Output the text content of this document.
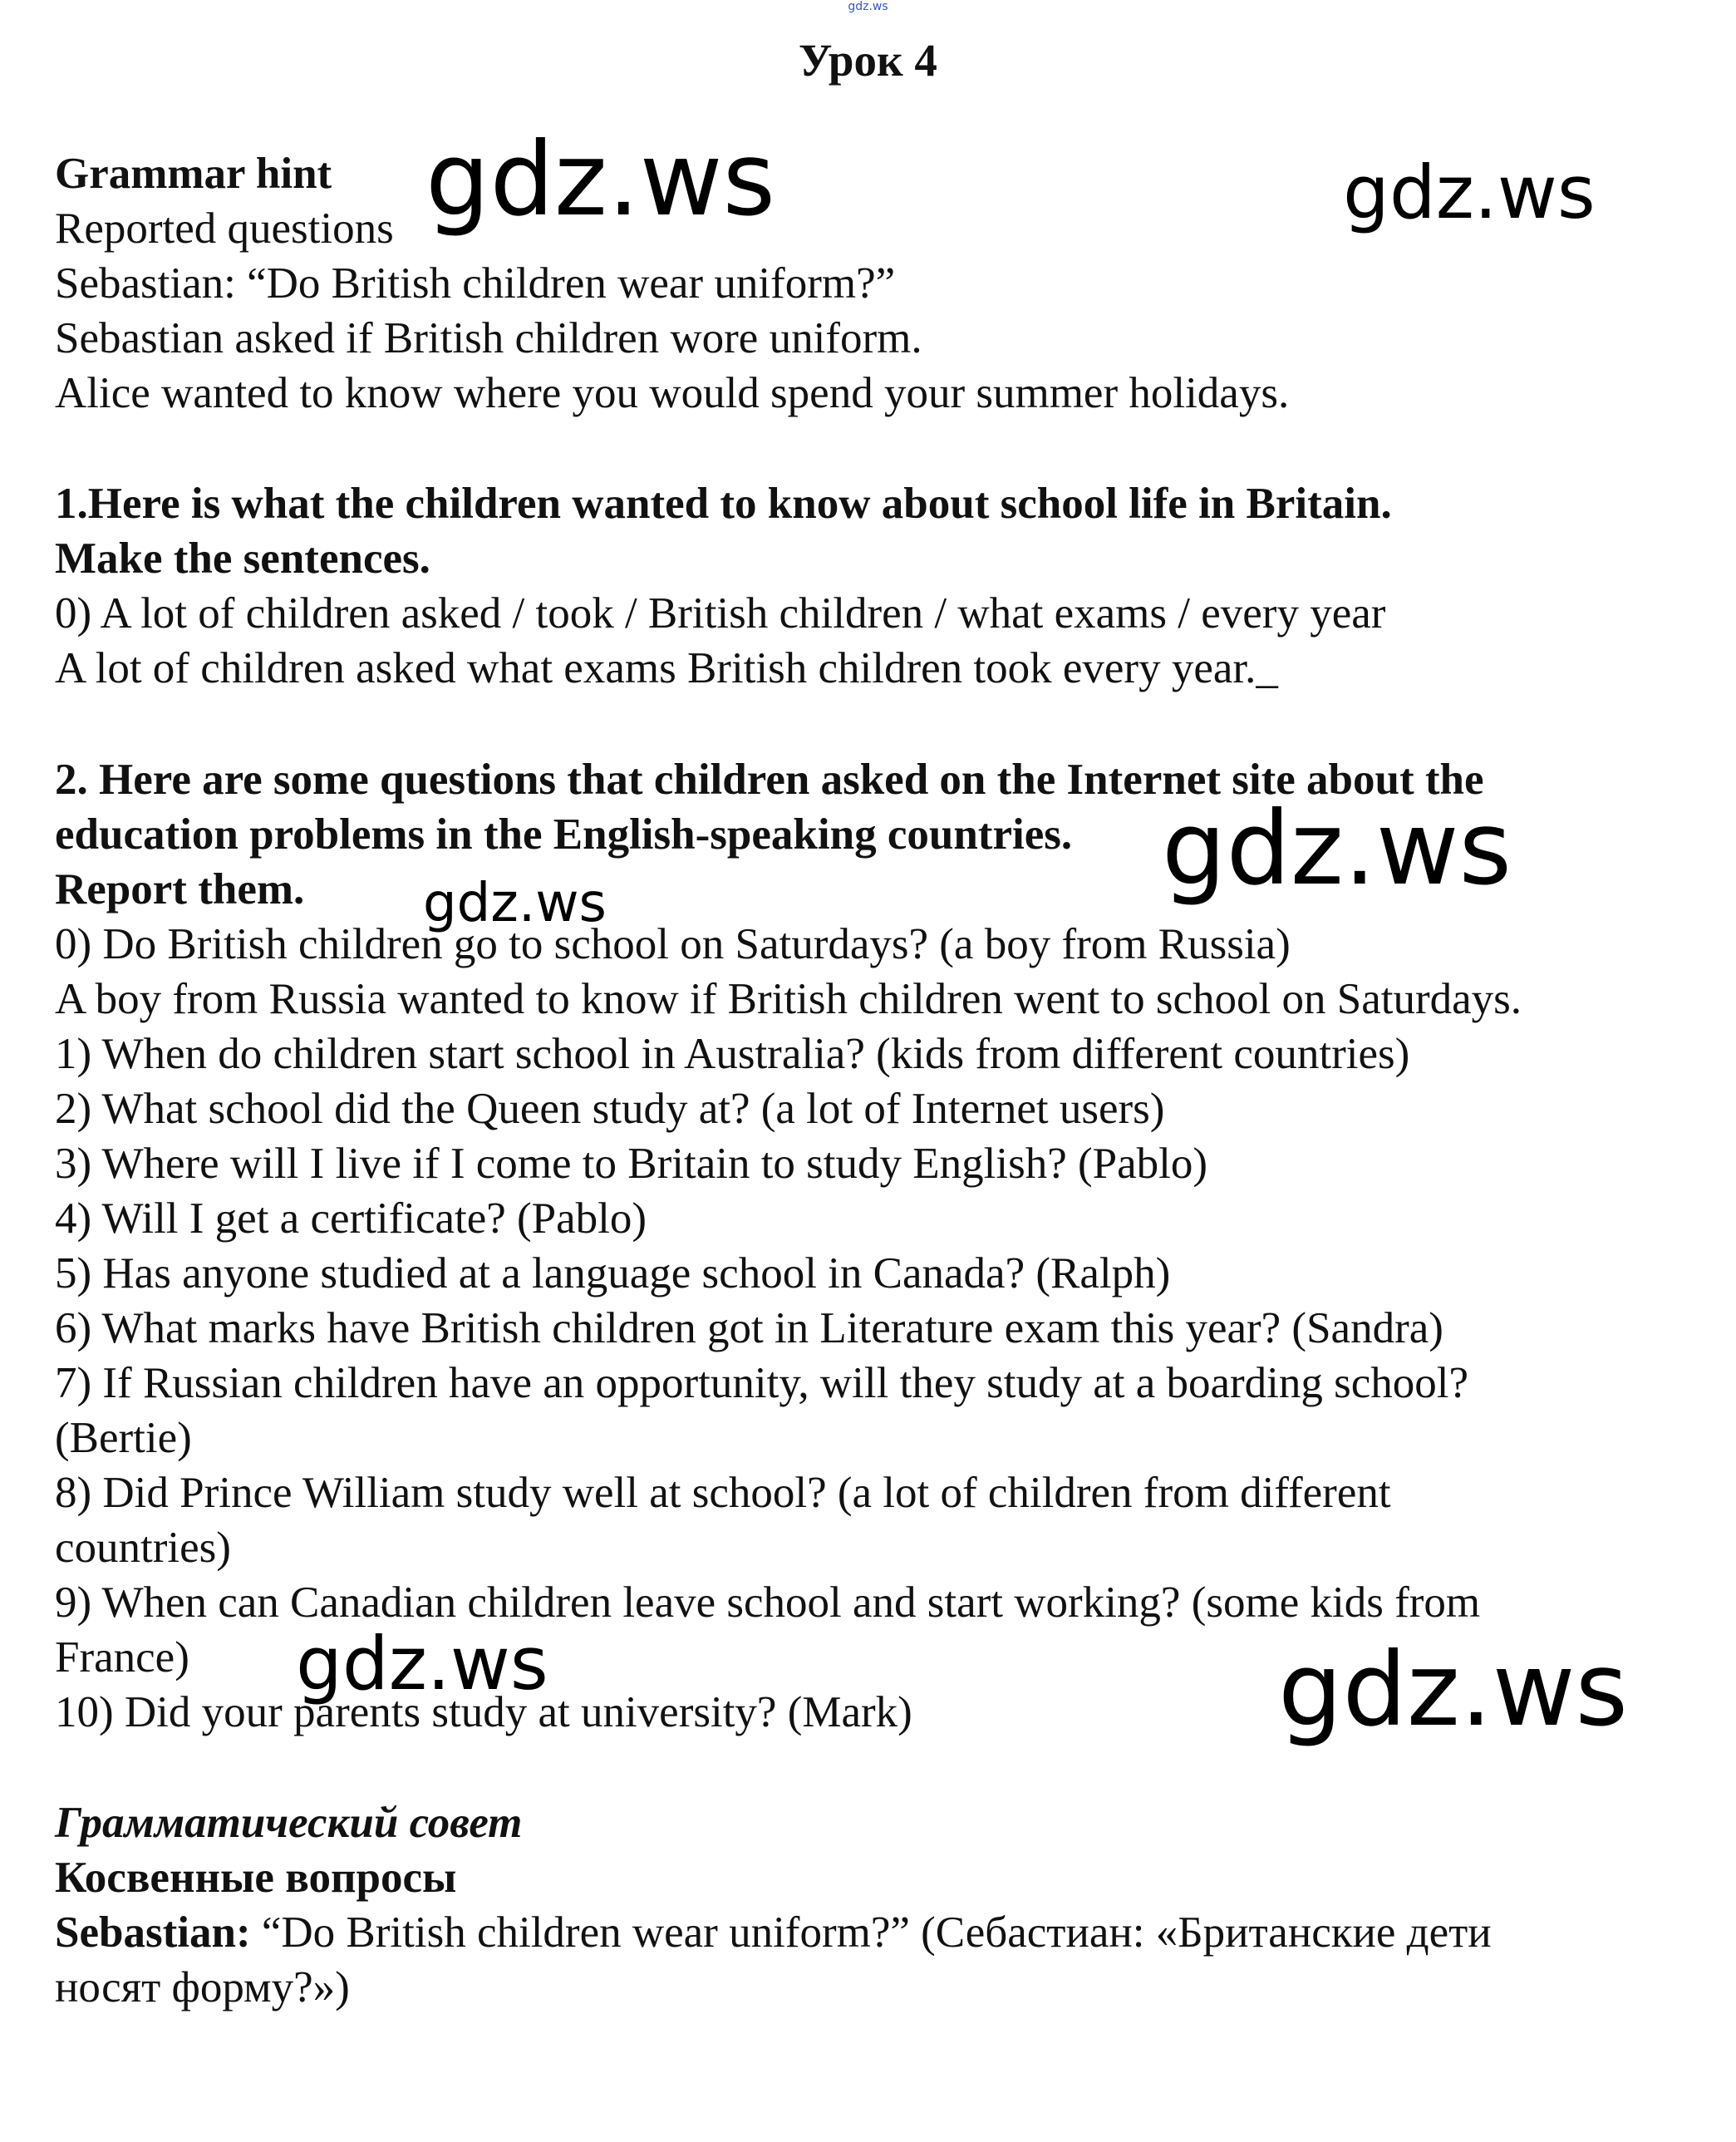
gdz.ws
Урок 4
Grammar hint
Reported questions
Sebastian: “Do British children wear uniform?”
Sebastian asked if British children wore uniform.
Alice wanted to know where you would spend your summer holidays.
1.Here is what the children wanted to know about school life in Britain.
Make the sentences.
0) A lot of children asked / took / British children / what exams / every year
A lot of children asked what exams British children took every year._
2. Here are some questions that children asked on the Internet site about the
education problems in the English-speaking countries.
Report them.
0) Do British children go to school on Saturdays? (a boy from Russia)
A boy from Russia wanted to know if British children went to school on Saturdays.
1) When do children start school in Australia? (kids from different countries)
2) What school did the Queen study at? (a lot of Internet users)
3) Where will I live if I come to Britain to study English? (Pablo)
4) Will I get a certificate? (Pablo)
5) Has anyone studied at a language school in Canada? (Ralph)
6) What marks have British children got in Literature exam this year? (Sandra)
7) If Russian children have an opportunity, will they study at a boarding school?
(Bertie)
8) Did Prince William study well at school? (a lot of children from different
countries)
9) When can Canadian children leave school and start working? (some kids from
France)
10) Did your parents study at university? (Mark)
Грамматический совет
Косвенные вопросы
Sebastian: “Do British children wear uniform?” (Себастиан: «Британские дети
носят форму?»)
gdz.ws	gdz.ws
gdz.ws
gdz.ws
gdz.ws	gdz.ws
